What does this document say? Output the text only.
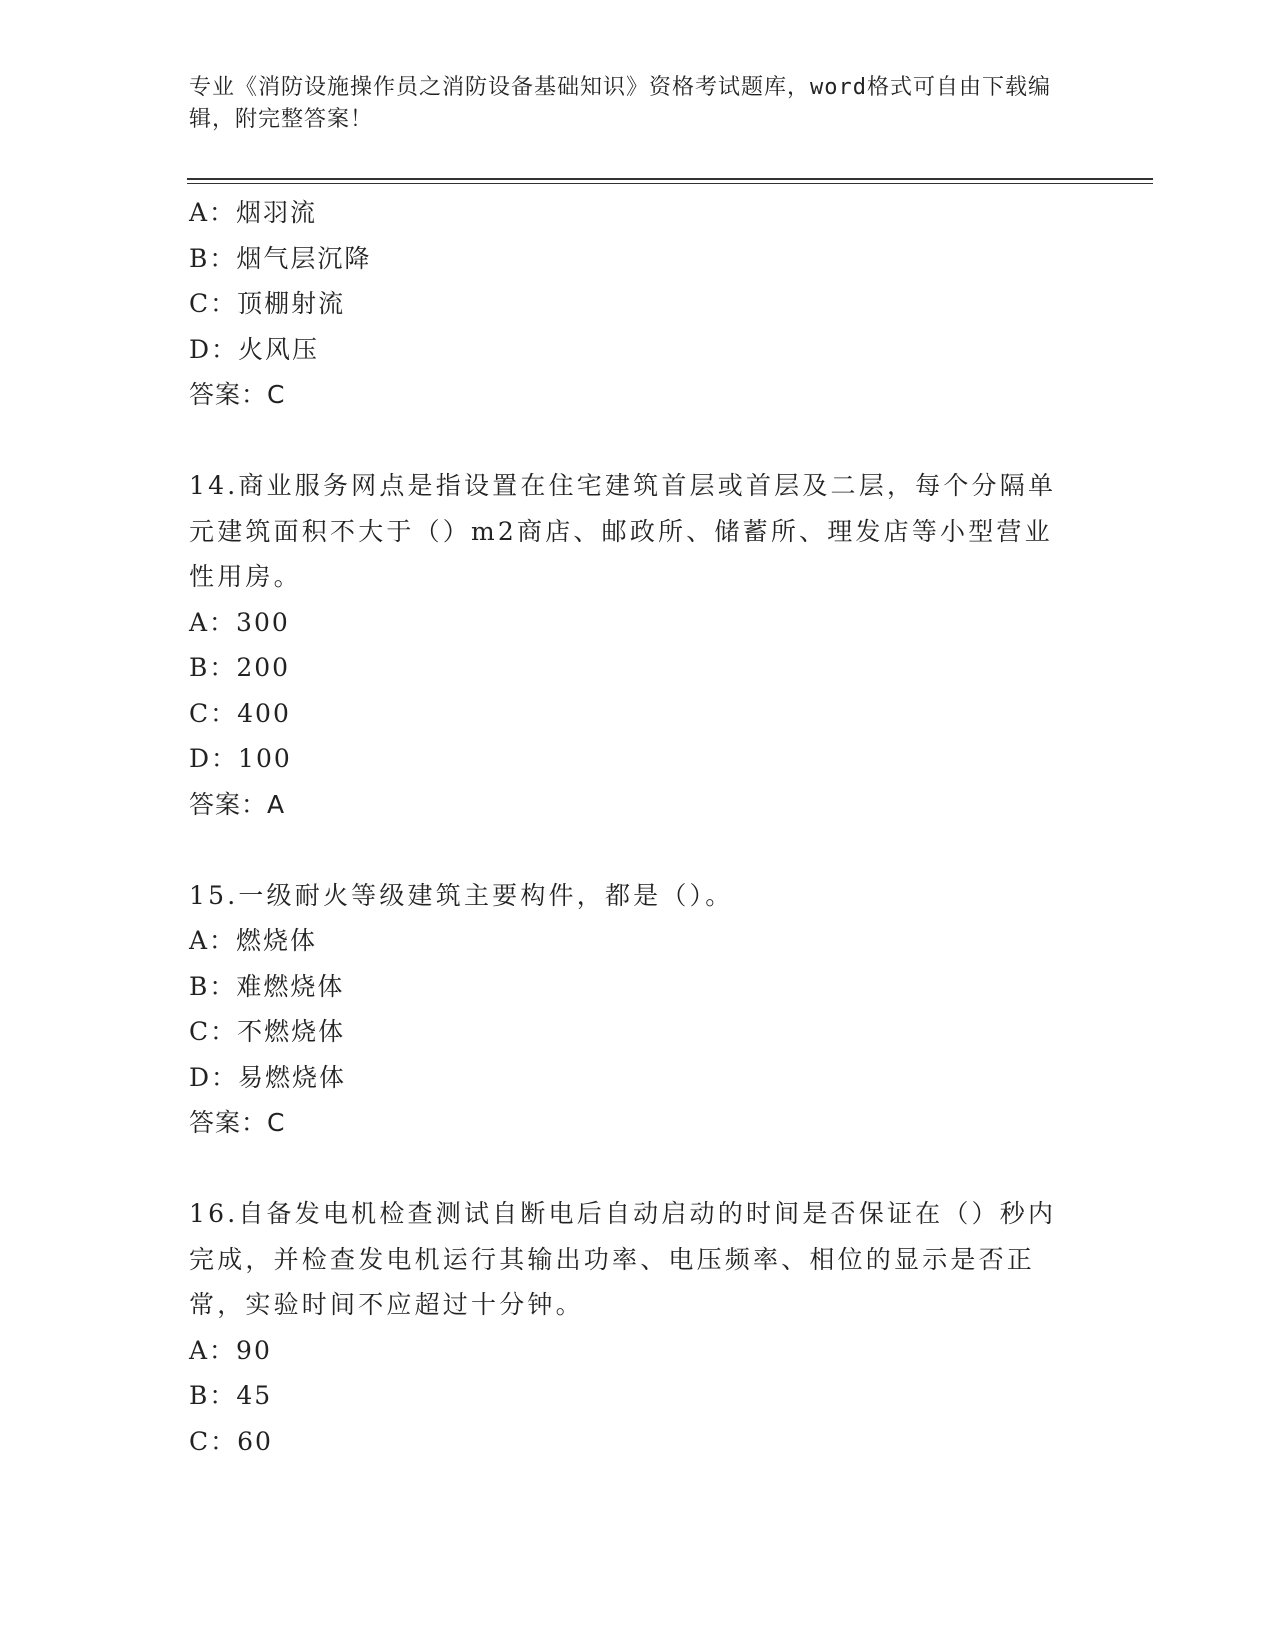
专业《消防设施操作员之消防设备基础知识》资格考试题库，word格式可自由下载编辑，附完整答案！
A：烟羽流
B：烟气层沉降
C：顶棚射流
D：火风压
答案：C
14.商业服务网点是指设置在住宅建筑首层或首层及二层，每个分隔单元建筑面积不大于（）m2商店、邮政所、储蓄所、理发店等小型营业性用房。
A：300
B：200
C：400
D：100
答案：A
15.一级耐火等级建筑主要构件，都是（）。
A：燃烧体
B：难燃烧体
C：不燃烧体
D：易燃烧体
答案：C
16.自备发电机检查测试自断电后自动启动的时间是否保证在（）秒内完成，并检查发电机运行其输出功率、电压频率、相位的显示是否正常，实验时间不应超过十分钟。
A：90
B：45
C：60
